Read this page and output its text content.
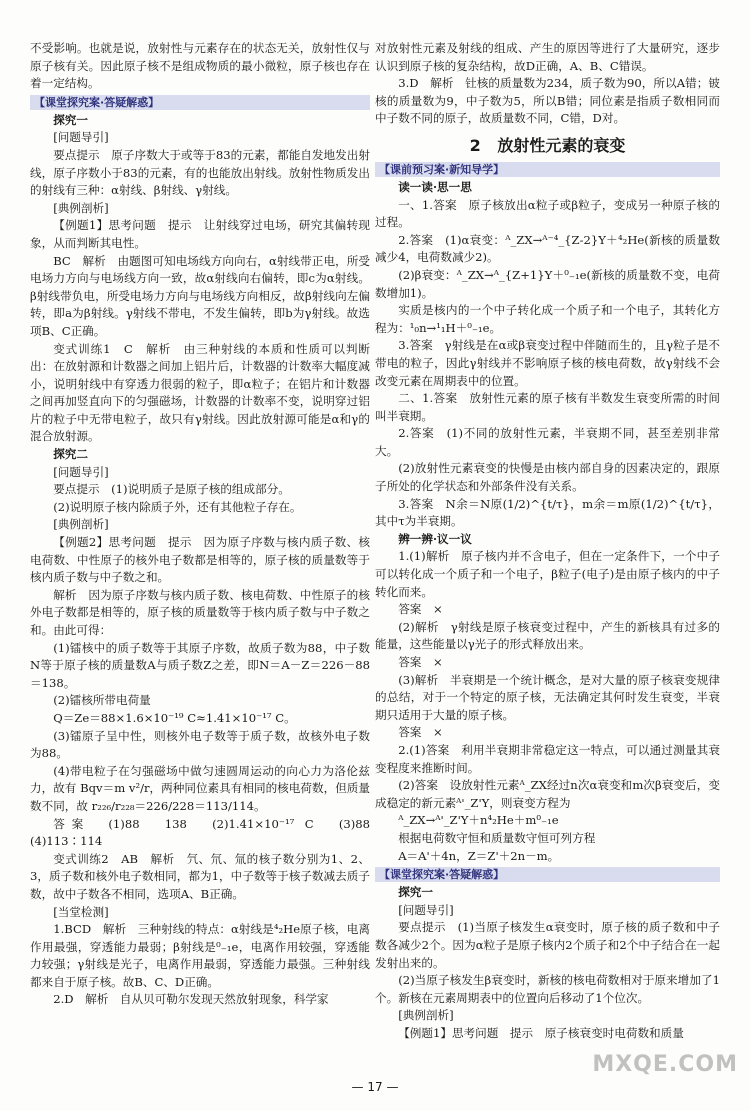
不受影响。也就是说，放射性与元素存在的状态无关，放射性仅与原子核有关。因此原子核不是组成物质的最小微粒，原子核也存在着一定结构。

【课堂探究案·答疑解惑】

探究一

[问题导引]

要点提示　原子序数大于或等于83的元素，都能自发地发出射线，原子序数小于83的元素，有的也能放出射线。放射性物质发出的射线有三种：α射线、β射线、γ射线。

[典例剖析]

【例题1】思考问题　提示　让射线穿过电场，研究其偏转现象，从而判断其电性。

BC　解析　由题图可知电场线方向向右，α射线带正电，所受电场力方向与电场线方向一致，故α射线向右偏转，即c为α射线。β射线带负电，所受电场力方向与电场线方向相反，故β射线向左偏转，即a为β射线。γ射线不带电，不发生偏转，即b为γ射线。故选项B、C正确。

变式训练1　C　解析　由三种射线的本质和性质可以判断出：在放射源和计数器之间加上铝片后，计数器的计数率大幅度减小，说明射线中有穿透力很弱的粒子，即α粒子；在铝片和计数器之间再加竖直向下的匀强磁场，计数器的计数率不变，说明穿过铝片的粒子中无带电粒子，故只有γ射线。因此放射源可能是α和γ的混合放射源。

探究二

[问题导引]

要点提示　(1)说明质子是原子核的组成部分。

(2)说明原子核内除质子外，还有其他粒子存在。

[典例剖析]

【例题2】思考问题　提示　因为原子序数与核内质子数、核电荷数、中性原子的核外电子数都是相等的，原子核的质量数等于核内质子数与中子数之和。

解析　因为原子序数与核内质子数、核电荷数、中性原子的核外电子数都是相等的，原子核的质量数等于核内质子数与中子数之和。由此可得：

(1)镭核中的质子数等于其原子序数，故质子数为88，中子数N等于原子核的质量数A与质子数Z之差，即N＝A－Z＝226－88＝138。

(2)镭核所带电荷量

Q＝Ze＝88×1.6×10⁻¹⁹ C≈1.41×10⁻¹⁷ C。

(3)镭原子呈中性，则核外电子数等于质子数，故核外电子数为88。

(4)带电粒子在匀强磁场中做匀速圆周运动的向心力为洛伦兹力，故有 Bqv＝m v²/r，两种同位素具有相同的核电荷数，但质量数不同，故 r₂₂₆/r₂₂₈＝226/228＝113/114。

答案　(1)88　138　(2)1.41×10⁻¹⁷ C　(3)88　(4)113∶114

变式训练2　AB　解析　氕、氘、氚的核子数分别为1、2、3，质子数和核外电子数相同，都为1，中子数等于核子数减去质子数，故中子数各不相同，选项A、B正确。

[当堂检测]

1.BCD　解析　三种射线的特点：α射线是⁴₂He原子核，电离作用最强，穿透能力最弱；β射线是⁰₋₁e，电离作用较强，穿透能力较强；γ射线是光子，电离作用最弱，穿透能力最强。三种射线都来自于原子核。故B、C、D正确。

2.D　解析　自从贝可勒尔发现天然放射现象，科学家

对放射性元素及射线的组成、产生的原因等进行了大量研究，逐步认识到原子核的复杂结构，故D正确，A、B、C错误。

3.D　解析　钍核的质量数为234，质子数为90，所以A错；铍核的质量数为9，中子数为5，所以B错；同位素是指质子数相同而中子数不同的原子，故质量数不同，C错，D对。

2 放射性元素的衰变
【课前预习案·新知导学】

读一读·思一思

一、1.答案　原子核放出α粒子或β粒子，变成另一种原子核的过程。

2.答案　(1)α衰变：ᴬ_ZX→ᴬ⁻⁴_{Z-2}Y＋⁴₂He(新核的质量数减少4，电荷数减少2)。

(2)β衰变：ᴬ_ZX→ᴬ_{Z+1}Y＋⁰₋₁e(新核的质量数不变，电荷数增加1)。

实质是核内的一个中子转化成一个质子和一个电子，其转化方程为：¹₀n→¹₁H＋⁰₋₁e。

3.答案　γ射线是在α或β衰变过程中伴随而生的，且γ粒子是不带电的粒子，因此γ射线并不影响原子核的核电荷数，故γ射线不会改变元素在周期表中的位置。

二、1.答案　放射性元素的原子核有半数发生衰变所需的时间叫半衰期。

2.答案　(1)不同的放射性元素，半衰期不同，甚至差别非常大。

(2)放射性元素衰变的快慢是由核内部自身的因素决定的，跟原子所处的化学状态和外部条件没有关系。

3.答案　N余＝N原(1/2)^{t/τ}，m余＝m原(1/2)^{t/τ}，其中τ为半衰期。

辨一辨·议一议

1.(1)解析　原子核内并不含电子，但在一定条件下，一个中子可以转化成一个质子和一个电子，β粒子(电子)是由原子核内的中子转化而来。

答案　×

(2)解析　γ射线是原子核衰变过程中，产生的新核具有过多的能量，这些能量以γ光子的形式释放出来。

答案　×

(3)解析　半衰期是一个统计概念，是对大量的原子核衰变规律的总结，对于一个特定的原子核，无法确定其何时发生衰变，半衰期只适用于大量的原子核。

答案　×

2.(1)答案　利用半衰期非常稳定这一特点，可以通过测量其衰变程度来推断时间。

(2)答案　设放射性元素ᴬ_ZX经过n次α衰变和m次β衰变后，变成稳定的新元素ᴬ'_Z'Y，则衰变方程为

ᴬ_ZX→ᴬ'_Z'Y＋n⁴₂He＋m⁰₋₁e

根据电荷数守恒和质量数守恒可列方程

A＝A'＋4n，Z＝Z'＋2n－m。

【课堂探究案·答疑解惑】

探究一

[问题导引]

要点提示　(1)当原子核发生α衰变时，原子核的质子数和中子数各减少2个。因为α粒子是原子核内2个质子和2个中子结合在一起发射出来的。

(2)当原子核发生β衰变时，新核的核电荷数相对于原来增加了1个。新核在元素周期表中的位置向后移动了1个位次。

[典例剖析]

【例题1】思考问题　提示　原子核衰变时电荷数和质量

— 17 —
MXQE.COM
